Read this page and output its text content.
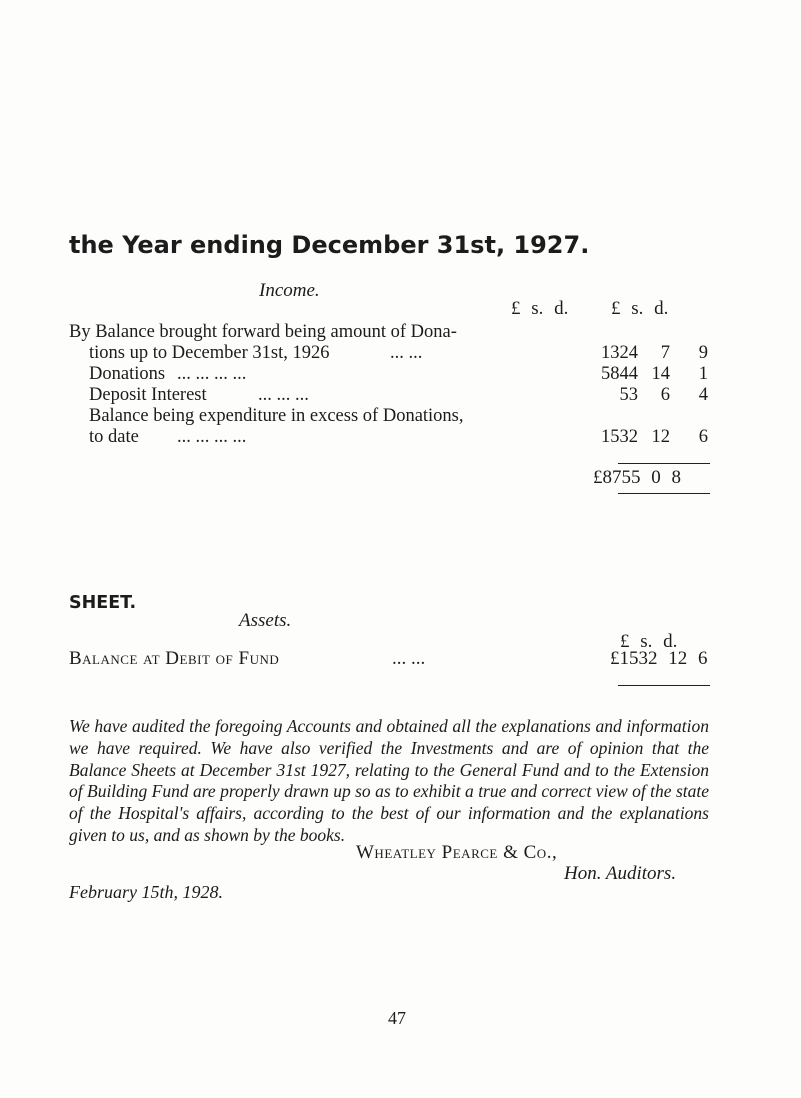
the Year ending December 31st, 1927.
Income.
£ s. d. £ s. d.
By Balance brought forward being amount of Dona-
tions up to December 31st, 1926	... ...	1324	7	9
Donations ... ... ... ...	5844 14	1
Deposit Interest	... ... ...	53	6	4
Balance being expenditure in excess of Donations,
to date ... ... ... ...	1532 12	6
£8755 0 8
SHEET.
Assets.
£ s. d.
Balance at Debit of Fund	... ...	£1532 12 6
We have audited the foregoing Accounts and obtained all the explanations and information we have required. We have also verified the Investments and are of opinion that the Balance Sheets at December 31st 1927, relating to the General Fund and to the Extension of Building Fund are properly drawn up so as to exhibit a true and correct view of the state of the Hospital's affairs, according to the best of our information and the explanations given to us, and as shown by the books.
Wheatley Pearce & Co.,
Hon. Auditors.
February 15th, 1928.
47
